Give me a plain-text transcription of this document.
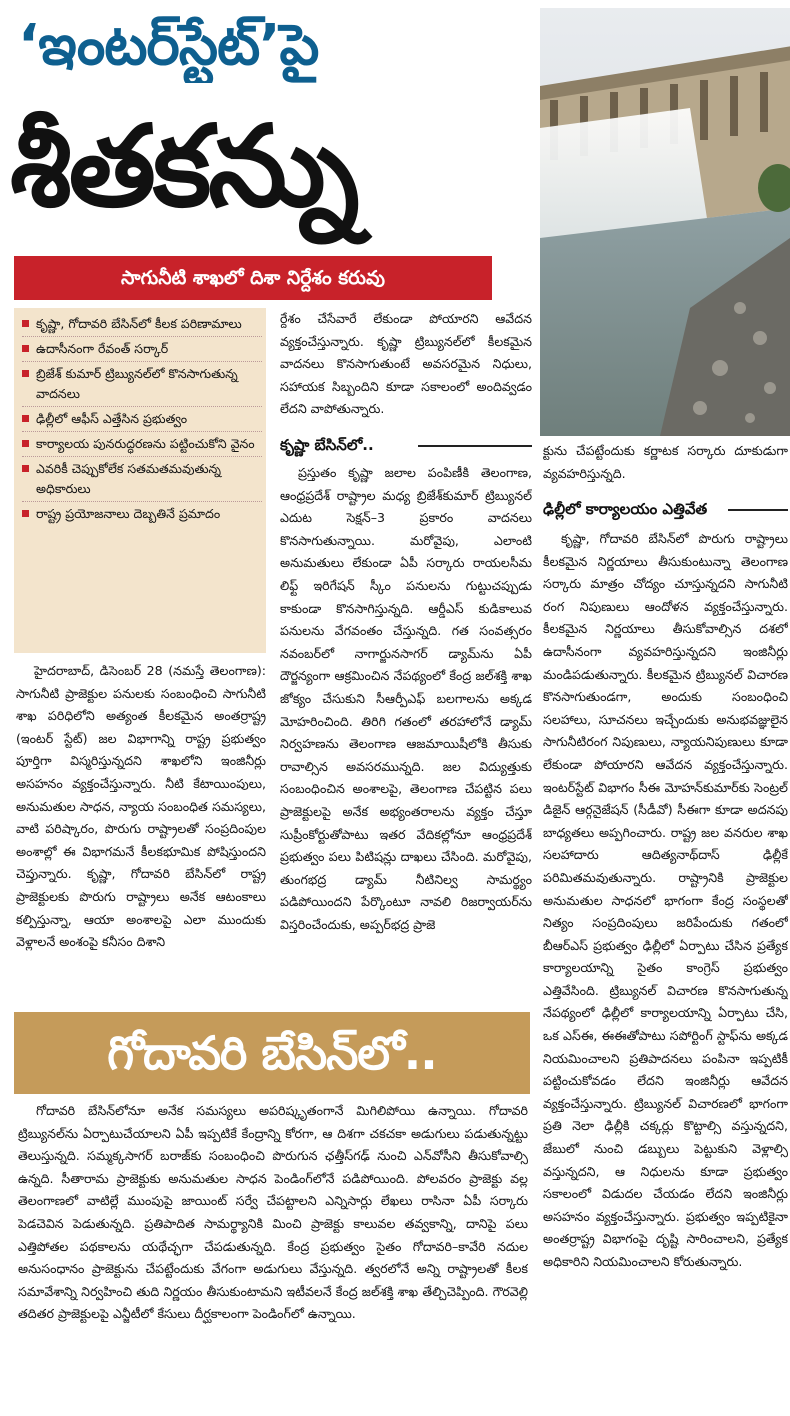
‘ఇంటర్‌స్టేట్’పై
శీతకన్ను
సాగునీటి శాఖలో దిశా నిర్దేశం కరువు
కృష్ణా, గోదావరి బేసిన్‌లో కీలక పరిణామాలు
ఉదాసీనంగా రేవంత్ సర్కార్
బ్రిజేశ్ కుమార్ ట్రిబ్యునల్‌లో కొనసాగుతున్న వాదనలు
ఢిల్లీలో ఆఫీస్ ఎత్తేసిన ప్రభుత్వం
కార్యాలయ పునరుద్ధరణను పట్టించుకోని వైనం
ఎవరికీ చెప్పుకోలేక సతమతమవుతున్న అధికారులు
రాష్ట్ర ప్రయోజనాలు దెబ్బతినే ప్రమాదం

హైదరాబాద్, డిసెంబర్ 28 (నమస్తే తెలంగాణ): సాగునీటి ప్రాజెక్టుల పనులకు సంబంధించి సాగునీటి శాఖ పరిధిలోని అత్యంత కీలకమైన అంతర్రాష్ట్ర (ఇంటర్ స్టేట్) జల విభాగాన్ని రాష్ట్ర ప్రభుత్వం పూర్తిగా విస్మరిస్తున్నదని శాఖలోని ఇంజినీర్లు అసహనం వ్యక్తంచేస్తున్నారు. నీటి కేటాయింపులు, అనుమతుల సాధన, న్యాయ సంబంధిత సమస్యలు, వాటి పరిష్కారం, పొరుగు రాష్ట్రాలతో సంప్రదింపుల అంశాల్లో ఈ విభాగమనే కీలకభూమిక పోషిస్తుందని చెప్తున్నారు. కృష్ణా, గోదావరి బేసిన్‌లో రాష్ట్ర ప్రాజెక్టులకు పొరుగు రాష్ట్రాలు అనేక ఆటంకాలు కల్పిస్తున్నా, ఆయా అంశాలపై ఎలా ముందుకు వెళ్లాలనే అంశంపై కనీసం దిశాని

ర్దేశం చేసేవారే లేకుండా పోయారని ఆవేదన వ్యక్తంచేస్తున్నారు. కృష్ణా ట్రిబ్యునల్‌లో కీలకమైన వాదనలు కొనసాగుతుంటే అవసరమైన నిధులు, సహాయక సిబ్బందిని కూడా సకాలంలో అందివ్వడం లేదని వాపోతున్నారు.

కృష్ణా బేసిన్‌లో..

ప్రస్తుతం కృష్ణా జలాల పంపిణీకి తెలంగాణ, ఆంధ్రప్రదేశ్ రాష్ట్రాల మధ్య బ్రిజేశ్‌కుమార్ ట్రిబ్యునల్ ఎదుట సెక్షన్–3 ప్రకారం వాదనలు కొనసాగుతున్నాయి. మరోవైపు, ఎలాంటి అనుమతులు లేకుండా ఏపీ సర్కారు రాయలసీమ లిఫ్ట్ ఇరిగేషన్ స్కీం పనులను గుట్టుచప్పుడు కాకుండా కొనసాగిస్తున్నది. ఆర్డీఎస్ కుడికాలువ పనులను వేగవంతం చేస్తున్నది. గత సంవత్సరం నవంబర్‌లో నాగార్జునసాగర్ డ్యామ్‌ను ఏపీ దౌర్జన్యంగా ఆక్రమించిన నేపథ్యంలో కేంద్ర జల్‌శక్తి శాఖ జోక్యం చేసుకుని సీఆర్పీఎఫ్ బలగాలను అక్కడ మోహరించింది. తిరిగి గతంలో తరహాలోనే డ్యామ్ నిర్వహణను తెలంగాణ ఆజమాయిషీలోకి తీసుకు రావాల్సిన అవసరమున్నది. జల విద్యుత్తుకు సంబంధించిన అంశాలపై, తెలంగాణ చేపట్టిన పలు ప్రాజెక్టులపై అనేక అభ్యంతరాలను వ్యక్తం చేస్తూ సుప్రీంకోర్టుతోపాటు ఇతర వేదికల్లోనూ ఆంధ్రప్రదేశ్ ప్రభుత్వం పలు పిటిషన్లు దాఖలు చేసింది. మరోవైపు, తుంగభద్ర డ్యామ్ నీటినిల్వ సామర్థ్యం పడిపోయిందని పేర్కొంటూ నావలి రిజర్వాయర్‌ను విస్తరించేందుకు, అప్పర్‌భద్ర ప్రాజె

క్టును చేపట్టేందుకు కర్ణాటక సర్కారు దూకుడుగా వ్యవహరిస్తున్నది.

ఢిల్లీలో కార్యాలయం ఎత్తివేత

కృష్ణా, గోదావరి బేసిన్‌లో పొరుగు రాష్ట్రాలు కీలకమైన నిర్ణయాలు తీసుకుంటున్నా తెలంగాణ సర్కారు మాత్రం చోద్యం చూస్తున్నదని సాగునీటి రంగ నిపుణులు ఆందోళన వ్యక్తంచేస్తున్నారు. కీలకమైన నిర్ణయాలు తీసుకోవాల్సిన దశలో ఉదాసీనంగా వ్యవహరిస్తున్నదని ఇంజినీర్లు మండిపడుతున్నారు. కీలకమైన ట్రిబ్యునల్ విచారణ కొనసాగుతుండగా, అందుకు సంబంధించి సలహాలు, సూచనలు ఇచ్చేందుకు అనుభవజ్ఞులైన సాగునీటిరంగ నిపుణులు, న్యాయనిపుణులు కూడా లేకుండా పోయారని ఆవేదన వ్యక్తంచేస్తున్నారు. ఇంటర్‌స్టేట్ విభాగం సీఈ మోహన్‌కుమార్‌కు సెంట్రల్ డిజైన్ ఆర్గనైజేషన్ (సీడీవో) సీఈగా కూడా అదనపు బాధ్యతలు అప్పగించారు. రాష్ట్ర జల వనరుల శాఖ సలహాదారు ఆదిత్యనాథ్‌దాస్ ఢిల్లీకే పరిమితమవుతున్నారు. రాష్ట్రానికి ప్రాజెక్టుల అనుమతుల సాధనలో భాగంగా కేంద్ర సంస్థలతో నిత్యం సంప్రదింపులు జరిపేందుకు గతంలో బీఆర్‌ఎస్ ప్రభుత్వం ఢిల్లీలో ఏర్పాటు చేసిన ప్రత్యేక కార్యాలయాన్ని సైతం కాంగ్రెస్ ప్రభుత్వం ఎత్తివేసింది. ట్రిబ్యునల్ విచారణ కొనసాగుతున్న నేపథ్యంలో ఢిల్లీలో కార్యాలయాన్ని ఏర్పాటు చేసి, ఒక ఎస్‌ఈ, ఈఈతోపాటు సపోర్టింగ్ స్టాఫ్‌ను అక్కడ నియమించాలని ప్రతిపాదనలు పంపినా ఇప్పటికీ పట్టించుకోవడం లేదని ఇంజినీర్లు ఆవేదన వ్యక్తంచేస్తున్నారు. ట్రిబ్యునల్ విచారణలో భాగంగా ప్రతి నెలా ఢిల్లీకి చక్కర్లు కొట్టాల్సి వస్తున్నదని, జేబులో నుంచి డబ్బులు పెట్టుకుని వెళ్లాల్సి వస్తున్నదని, ఆ నిధులను కూడా ప్రభుత్వం సకాలంలో విడుదల చేయడం లేదని ఇంజినీర్లు అసహనం వ్యక్తంచేస్తున్నారు. ప్రభుత్వం ఇప్పటికైనా అంతర్రాష్ట్ర విభాగంపై దృష్టి సారించాలని, ప్రత్యేక అధికారిని నియమించాలని కోరుతున్నారు.

గోదావరి బేసిన్‌లో..

గోదావరి బేసిన్‌లోనూ అనేక సమస్యలు అపరిష్కృతంగానే మిగిలిపోయి ఉన్నాయి. గోదావరి ట్రిబ్యునల్‌ను ఏర్పాటుచేయాలని ఏపీ ఇప్పటికే కేంద్రాన్ని కోరగా, ఆ దిశగా చకచకా అడుగులు పడుతున్నట్టు తెలుస్తున్నది. సమ్మక్కసాగర్ బరాజ్‌కు సంబంధించి పొరుగున ఛత్తీస్‌గఢ్ నుంచి ఎన్‌వోసీని తీసుకోవాల్సి ఉన్నది. సీతారామ ప్రాజెక్టుకు అనుమతుల సాధన పెండింగ్‌లోనే పడిపోయింది. పోలవరం ప్రాజెక్టు వల్ల తెలంగాణలో వాటిల్లే ముంపుపై జాయింట్ సర్వే చేపట్టాలని ఎన్నిసార్లు లేఖలు రాసినా ఏపీ సర్కారు పెడచెవిన పెడుతున్నది. ప్రతిపాదిత సామర్థ్యానికి మించి ప్రాజెక్టు కాలువల తవ్వకాన్ని, దానిపై పలు ఎత్తిపోతల పథకాలను యథేచ్ఛగా చేపడుతున్నది. కేంద్ర ప్రభుత్వం సైతం గోదావరి–కావేరి నదుల అనుసంధానం ప్రాజెక్టును చేపట్టేందుకు వేగంగా అడుగులు వేస్తున్నది. త్వరలోనే అన్ని రాష్ట్రాలతో కీలక సమావేశాన్ని నిర్వహించి తుది నిర్ణయం తీసుకుంటామని ఇటీవలనే కేంద్ర జల్‌శక్తి శాఖ తేల్చిచెప్పింది. గౌరవెల్లి తదితర ప్రాజెక్టులపై ఎన్జీటీలో కేసులు దీర్ఘకాలంగా పెండింగ్‌లో ఉన్నాయి.
